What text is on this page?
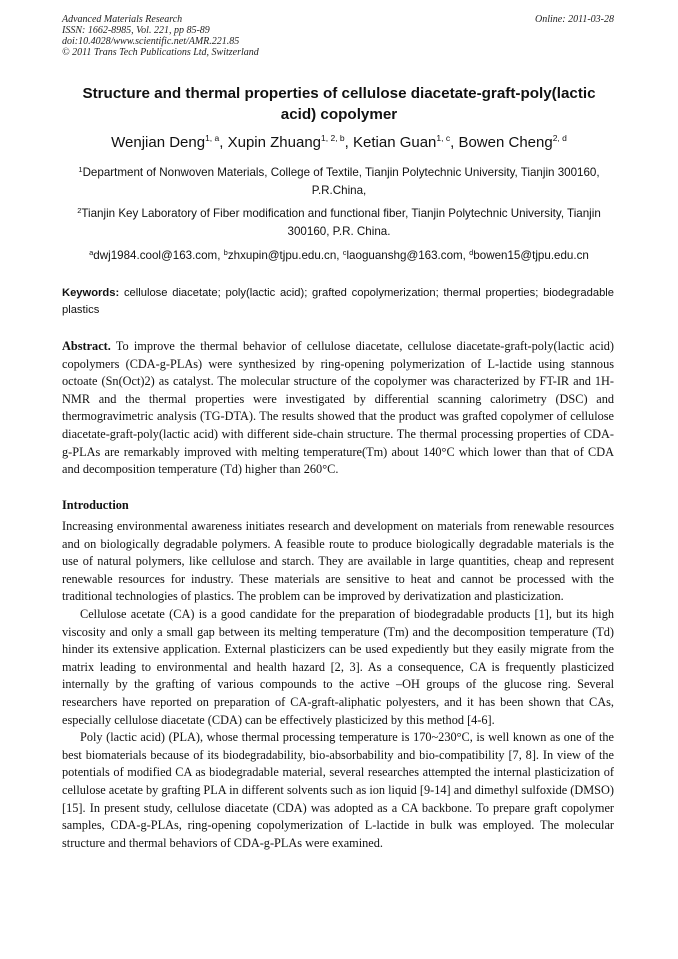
Advanced Materials Research
ISSN: 1662-8985, Vol. 221, pp 85-89
doi:10.4028/www.scientific.net/AMR.221.85
© 2011 Trans Tech Publications Ltd, Switzerland
Online: 2011-03-28
Structure and thermal properties of cellulose diacetate-graft-poly(lactic acid) copolymer
Wenjian Deng$^{1, a}$, Xupin Zhuang$^{1, 2, b}$, Ketian Guan$^{1, c}$, Bowen Cheng$^{2, d}$
$^1$Department of Nonwoven Materials, College of Textile, Tianjin Polytechnic University, Tianjin 300160, P.R.China,
$^2$Tianjin Key Laboratory of Fiber modification and functional fiber, Tianjin Polytechnic University, Tianjin 300160, P.R. China.
$^a$dwj1984.cool@163.com, $^b$zhxupin@tjpu.edu.cn, $^c$laoguanshg@163.com, $^d$bowen15@tjpu.edu.cn
Keywords: cellulose diacetate; poly(lactic acid); grafted copolymerization; thermal properties; biodegradable plastics
Abstract. To improve the thermal behavior of cellulose diacetate, cellulose diacetate-graft-poly(lactic acid) copolymers (CDA-g-PLAs) were synthesized by ring-opening polymerization of L-lactide using stannous octoate (Sn(Oct)2) as catalyst. The molecular structure of the copolymer was characterized by FT-IR and 1H-NMR and the thermal properties were investigated by differential scanning calorimetry (DSC) and thermogravimetric analysis (TG-DTA). The results showed that the product was grafted copolymer of cellulose diacetate-graft-poly(lactic acid) with different side-chain structure. The thermal processing properties of CDA-g-PLAs are remarkably improved with melting temperature(Tm) about 140°C which lower than that of CDA and decomposition temperature (Td) higher than 260°C.
Introduction

Increasing environmental awareness initiates research and development on materials from renewable resources and on biologically degradable polymers. A feasible route to produce biologically degradable materials is the use of natural polymers, like cellulose and starch. They are available in large quantities, cheap and represent renewable resources for industry. These materials are sensitive to heat and cannot be processed with the traditional technologies of plastics. The problem can be improved by derivatization and plasticization.

Cellulose acetate (CA) is a good candidate for the preparation of biodegradable products [1], but its high viscosity and only a small gap between its melting temperature (Tm) and the decomposition temperature (Td) hinder its extensive application. External plasticizers can be used expediently but they easily migrate from the matrix leading to environmental and health hazard [2, 3]. As a consequence, CA is frequently plasticized internally by the grafting of various compounds to the active –OH groups of the glucose ring. Several researchers have reported on preparation of CA-graft-aliphatic polyesters, and it has been shown that CAs, especially cellulose diacetate (CDA) can be effectively plasticized by this method [4-6].

Poly (lactic acid) (PLA), whose thermal processing temperature is 170~230°C, is well known as one of the best biomaterials because of its biodegradability, bio-absorbability and bio-compatibility [7, 8]. In view of the potentials of modified CA as biodegradable material, several researches attempted the internal plasticization of cellulose acetate by grafting PLA in different solvents such as ion liquid [9-14] and dimethyl sulfoxide (DMSO) [15]. In present study, cellulose diacetate (CDA) was adopted as a CA backbone. To prepare graft copolymer samples, CDA-g-PLAs, ring-opening copolymerization of L-lactide in bulk was employed. The molecular structure and thermal behaviors of CDA-g-PLAs were examined.
